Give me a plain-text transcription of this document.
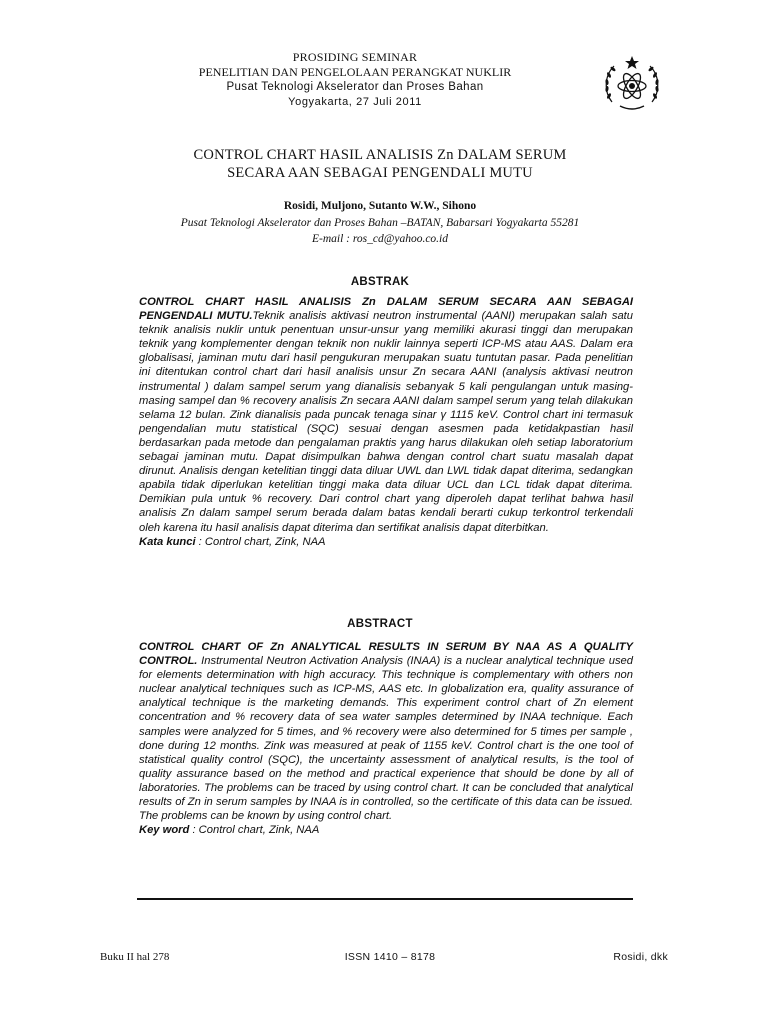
PROSIDING SEMINAR
PENELITIAN DAN PENGELOLAAN PERANGKAT NUKLIR
Pusat Teknologi Akselerator dan Proses Bahan
Yogyakarta, 27 Juli 2011
CONTROL CHART HASIL ANALISIS Zn DALAM SERUM
SECARA AAN SEBAGAI PENGENDALI MUTU
Rosidi, Muljono, Sutanto W.W., Sihono
Pusat Teknologi Akselerator dan Proses Bahan –BATAN, Babarsari Yogyakarta 55281
E-mail : ros_cd@yahoo.co.id
ABSTRAK
CONTROL CHART HASIL ANALISIS Zn DALAM SERUM SECARA AAN SEBAGAI PENGENDALI MUTU.Teknik analisis aktivasi neutron instrumental (AANI) merupakan salah satu teknik analisis nuklir untuk penentuan unsur-unsur yang memiliki akurasi tinggi dan merupakan teknik yang komplementer dengan teknik non nuklir lainnya seperti ICP-MS atau AAS. Dalam era globalisasi, jaminan mutu dari hasil pengukuran merupakan suatu tuntutan pasar. Pada penelitian ini ditentukan control chart dari hasil analisis unsur Zn secara AANI (analysis aktivasi neutron instrumental ) dalam sampel serum yang dianalisis sebanyak 5 kali pengulangan untuk masing-masing sampel dan % recovery analisis Zn secara AANI dalam sampel serum yang telah dilakukan selama 12 bulan. Zink dianalisis pada puncak tenaga sinar γ 1115 keV. Control chart ini termasuk pengendalian mutu statistical (SQC) sesuai dengan asesmen pada ketidakpastian hasil berdasarkan pada metode dan pengalaman praktis yang harus dilakukan oleh setiap laboratorium sebagai jaminan mutu. Dapat disimpulkan bahwa dengan control chart suatu masalah dapat dirunut. Analisis dengan ketelitian tinggi data diluar UWL dan LWL tidak dapat diterima, sedangkan apabila tidak diperlukan ketelitian tinggi maka data diluar UCL dan LCL tidak dapat diterima. Demikian pula untuk % recovery. Dari control chart yang diperoleh dapat terlihat bahwa hasil analisis Zn dalam sampel serum berada dalam batas kendali berarti cukup terkontrol terkendali oleh karena itu hasil analisis dapat diterima dan sertifikat analisis dapat diterbitkan.
Kata kunci : Control chart, Zink, NAA
ABSTRACT
CONTROL CHART OF Zn ANALYTICAL RESULTS IN SERUM BY NAA AS A QUALITY CONTROL. Instrumental Neutron Activation Analysis (INAA) is a nuclear analytical technique used for elements determination with high accuracy. This technique is complementary with others non nuclear analytical techniques such as ICP-MS, AAS etc. In globalization era, quality assurance of analytical technique is the marketing demands. This experiment control chart of Zn element concentration and % recovery data of sea water samples determined by INAA technique. Each samples were analyzed for 5 times, and % recovery were also determined for 5 times per sample , done during 12 months. Zink was measured at peak of 1155 keV. Control chart is the one tool of statistical quality control (SQC), the uncertainty assessment of analytical results, is the tool of quality assurance based on the method and practical experience that should be done by all of laboratories. The problems can be traced by using control chart. It can be concluded that analytical results of Zn in serum samples by INAA is in controlled, so the certificate of this data can be issued. The problems can be known by using control chart.
Key word : Control chart, Zink, NAA
Buku II hal 278	ISSN 1410 – 8178	Rosidi, dkk
